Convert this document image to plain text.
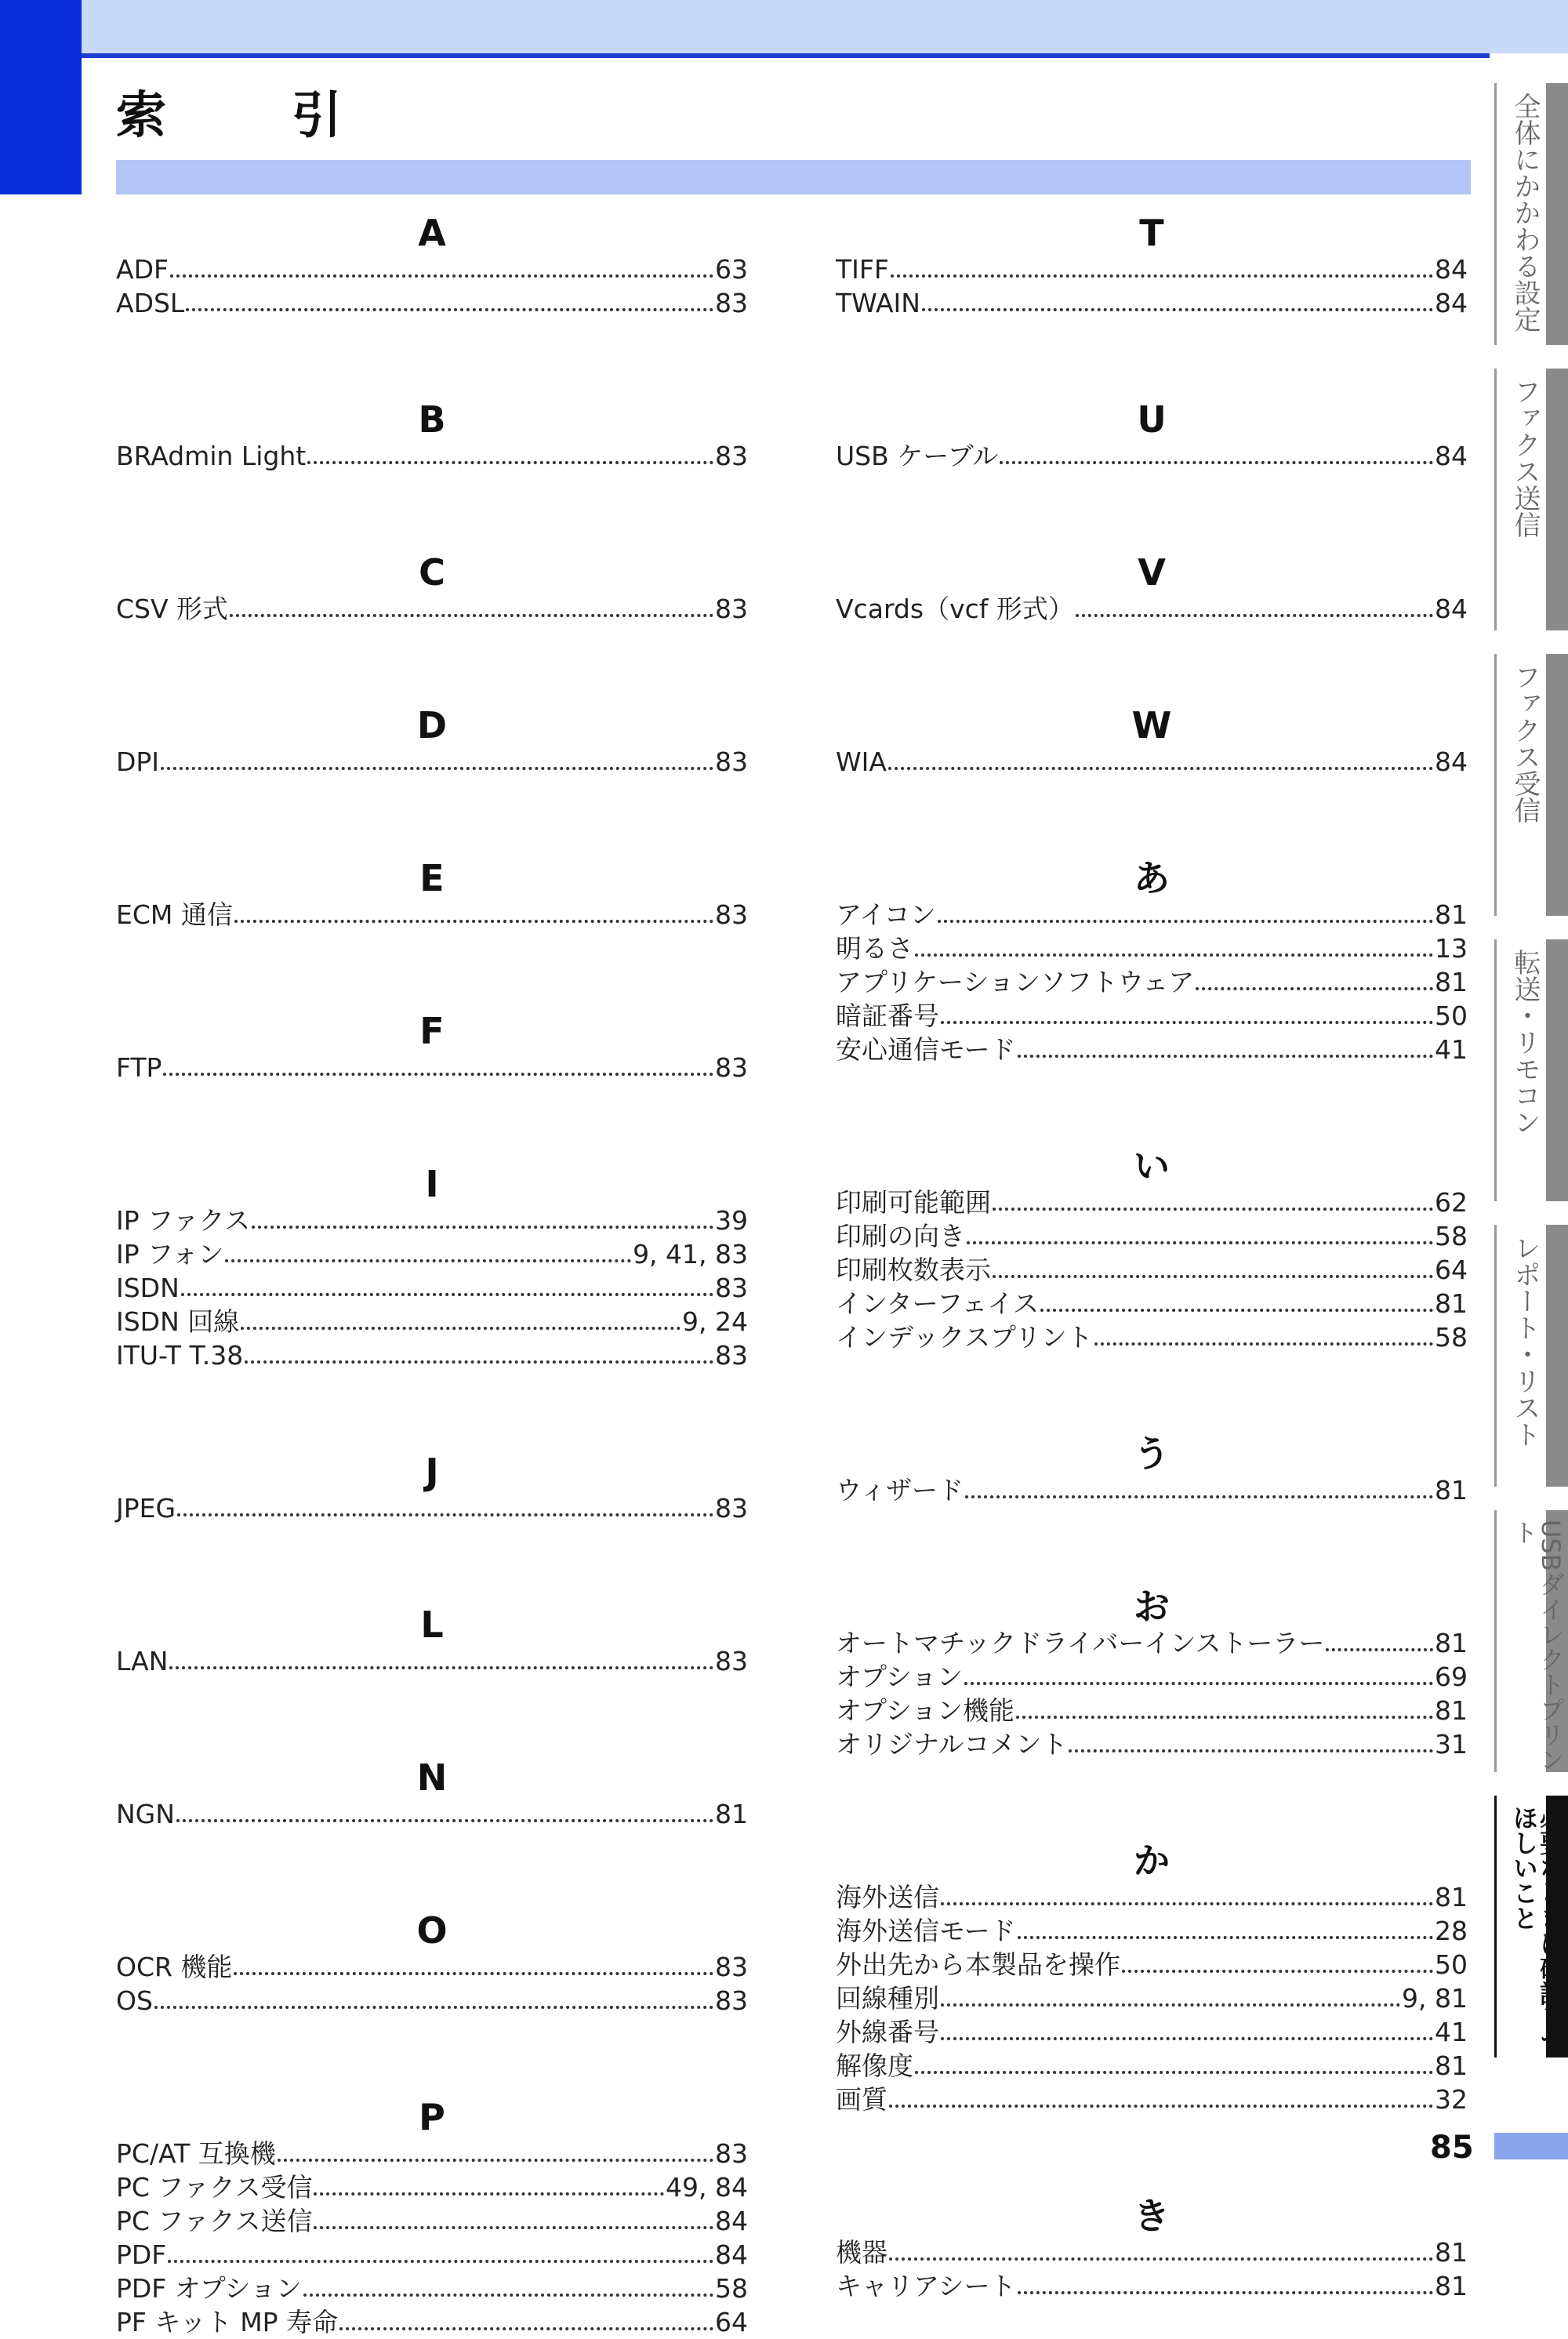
索　引
A
ADF	63
ADSL	83
B
BRAdmin Light	83
C
CSV 形式	83
D
DPI	83
E
ECM 通信	83
F
FTP	83
I
IP ファクス	39
IP フォン	9, 41, 83
ISDN	83
ISDN 回線	9, 24
ITU-T T.38	83
J
JPEG	83
L
LAN	83
N
NGN	81
O
OCR 機能	83
OS	83
P
PC/AT 互換機	83
PC ファクス受信	49, 84
PC ファクス送信	84
PDF	84
PDF オプション	58
PF キット MP 寿命	64
T
TIFF	84
TWAIN	84
U
USB ケーブル	84
V
Vcards（vcf 形式）	84
W
WIA	84
あ
アイコン	81
明るさ	13
アプリケーションソフトウェア	81
暗証番号	50
安心通信モード	41
い
印刷可能範囲	62
印刷の向き	58
印刷枚数表示	64
インターフェイス	81
インデックスプリント	58
う
ウィザード	81
お
オートマチックドライバーインストーラー	81
オプション	69
オプション機能	81
オリジナルコメント	31
か
海外送信	81
海外送信モード	28
外出先から本製品を操作	50
回線種別	9, 81
外線番号	41
解像度	81
画質	32
き
機器	81
キャリアシート	81
全体にかかわる設定
ファクス送信
ファクス受信
転送・リモコン
レポート・リスト
USBダイレクトプリント
必要なときに確認してほしいこと
85
